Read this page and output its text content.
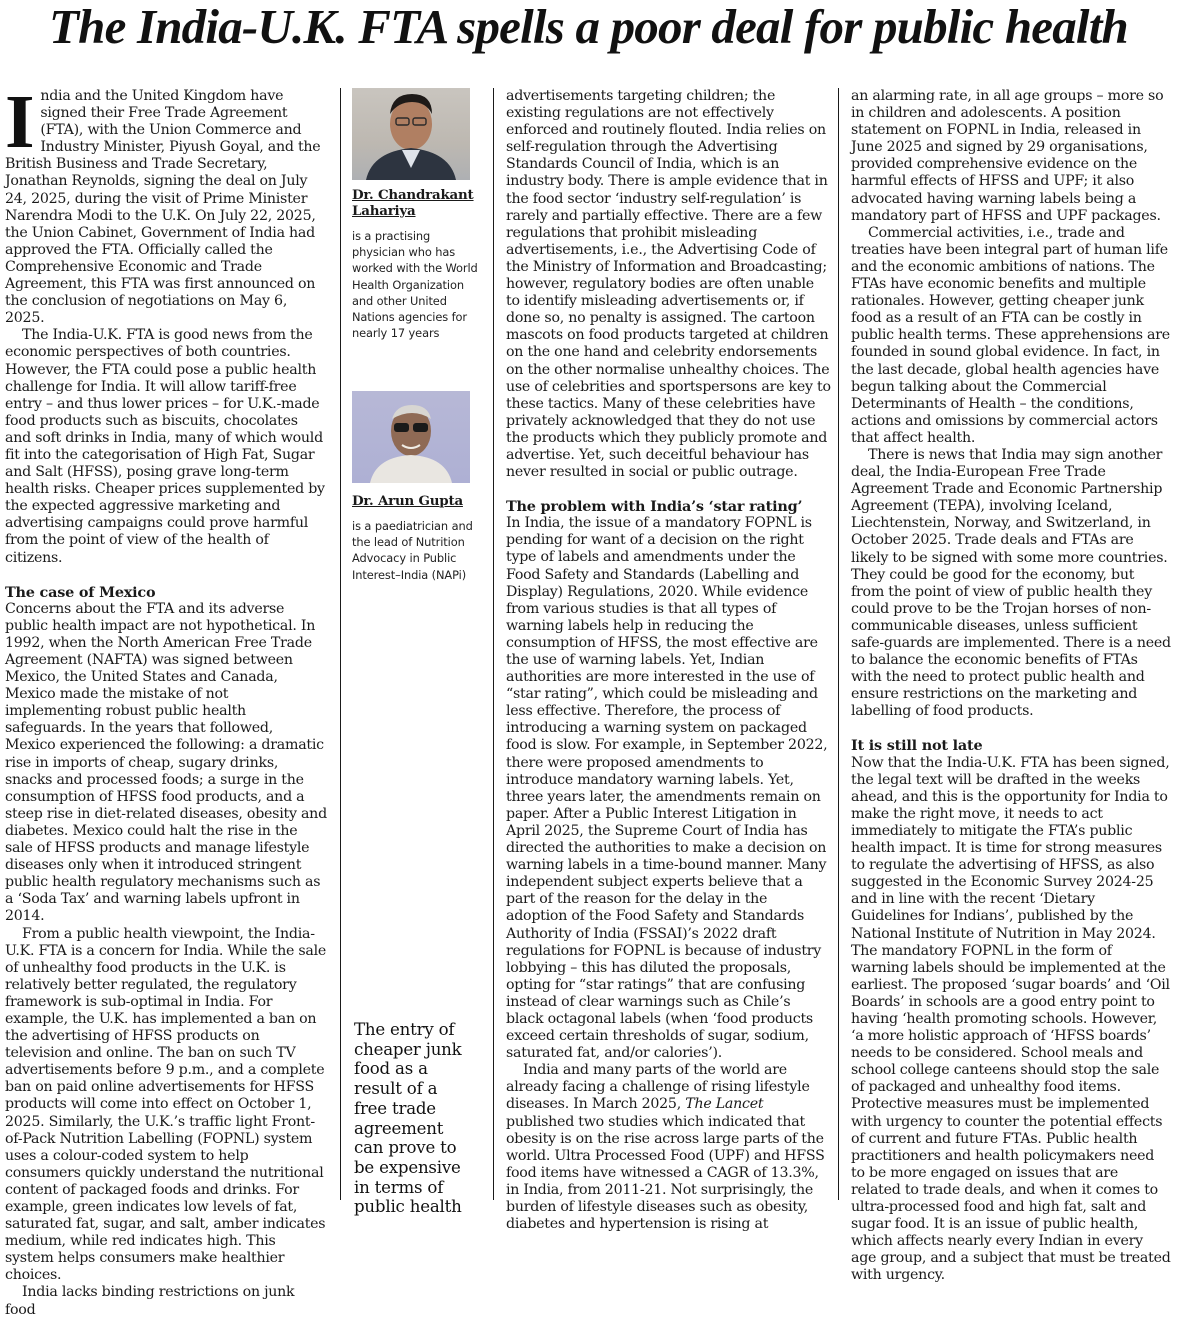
The India-U.K. FTA spells a poor deal for public health

India and the United Kingdom have signed their Free Trade Agreement (FTA), with the Union Commerce and Industry Minister, Piyush Goyal, and the British Business and Trade Secretary, Jonathan Reynolds, signing the deal on July 24, 2025, during the visit of Prime Minister Narendra Modi to the U.K. On July 22, 2025, the Union Cabinet, Government of India had approved the FTA. Officially called the Comprehensive Economic and Trade Agreement, this FTA was first announced on the conclusion of negotiations on May 6, 2025.

The India-U.K. FTA is good news from the economic perspectives of both countries. However, the FTA could pose a public health challenge for India. It will allow tariff-free entry – and thus lower prices – for U.K.-made food products such as biscuits, chocolates and soft drinks in India, many of which would fit into the categorisation of High Fat, Sugar and Salt (HFSS), posing grave long-term health risks. Cheaper prices supplemented by the expected aggressive marketing and advertising campaigns could prove harmful from the point of view of the health of citizens.

The case of Mexico

Concerns about the FTA and its adverse public health impact are not hypothetical. In 1992, when the North American Free Trade Agreement (NAFTA) was signed between Mexico, the United States and Canada, Mexico made the mistake of not implementing robust public health safeguards. In the years that followed, Mexico experienced the following: a dramatic rise in imports of cheap, sugary drinks, snacks and processed foods; a surge in the consumption of HFSS food products, and a steep rise in diet-related diseases, obesity and diabetes. Mexico could halt the rise in the sale of HFSS products and manage lifestyle diseases only when it introduced stringent public health regulatory mechanisms such as a ‘Soda Tax’ and warning labels upfront in 2014.

From a public health viewpoint, the India-U.K. FTA is a concern for India. While the sale of unhealthy food products in the U.K. is relatively better regulated, the regulatory framework is sub-optimal in India. For example, the U.K. has implemented a ban on the advertising of HFSS products on television and online. The ban on such TV advertisements before 9 p.m., and a complete ban on paid online advertisements for HFSS products will come into effect on October 1, 2025. Similarly, the U.K.’s traffic light Front-of-Pack Nutrition Labelling (FOPNL) system uses a colour-coded system to help consumers quickly understand the nutritional content of packaged foods and drinks. For example, green indicates low levels of fat, saturated fat, sugar, and salt, amber indicates medium, while red indicates high. This system helps consumers make healthier choices.

India lacks binding restrictions on junk food

Dr. Chandrakant Lahariya
is a practising physician who has worked with the World Health Organization and other United Nations agencies for nearly 17 years
Dr. Arun Gupta
is a paediatrician and the lead of Nutrition Advocacy in Public Interest–India (NAPi)
The entry of cheaper junk food as a result of a free trade agreement can prove to be expensive in terms of public health

advertisements targeting children; the existing regulations are not effectively enforced and routinely flouted. India relies on self-regulation through the Advertising Standards Council of India, which is an industry body. There is ample evidence that in the food sector ‘industry self-regulation’ is rarely and partially effective. There are a few regulations that prohibit misleading advertisements, i.e., the Advertising Code of the Ministry of Information and Broadcasting; however, regulatory bodies are often unable to identify misleading advertisements or, if done so, no penalty is assigned. The cartoon mascots on food products targeted at children on the one hand and celebrity endorsements on the other normalise unhealthy choices. The use of celebrities and sportspersons are key to these tactics. Many of these celebrities have privately acknowledged that they do not use the products which they publicly promote and advertise. Yet, such deceitful behaviour has never resulted in social or public outrage.

The problem with India’s ‘star rating’

In India, the issue of a mandatory FOPNL is pending for want of a decision on the right type of labels and amendments under the Food Safety and Standards (Labelling and Display) Regulations, 2020. While evidence from various studies is that all types of warning labels help in reducing the consumption of HFSS, the most effective are the use of warning labels. Yet, Indian authorities are more interested in the use of “star rating”, which could be misleading and less effective. Therefore, the process of introducing a warning system on packaged food is slow. For example, in September 2022, there were proposed amendments to introduce mandatory warning labels. Yet, three years later, the amendments remain on paper. After a Public Interest Litigation in April 2025, the Supreme Court of India has directed the authorities to make a decision on warning labels in a time-bound manner. Many independent subject experts believe that a part of the reason for the delay in the adoption of the Food Safety and Standards Authority of India (FSSAI)’s 2022 draft regulations for FOPNL is because of industry lobbying – this has diluted the proposals, opting for “star ratings” that are confusing instead of clear warnings such as Chile’s black octagonal labels (when ‘food products exceed certain thresholds of sugar, sodium, saturated fat, and/or calories’).

India and many parts of the world are already facing a challenge of rising lifestyle diseases. In March 2025, The Lancet published two studies which indicated that obesity is on the rise across large parts of the world. Ultra Processed Food (UPF) and HFSS food items have witnessed a CAGR of 13.3%, in India, from 2011-21. Not surprisingly, the burden of lifestyle diseases such as obesity, diabetes and hypertension is rising at

an alarming rate, in all age groups – more so in children and adolescents. A position statement on FOPNL in India, released in June 2025 and signed by 29 organisations, provided comprehensive evidence on the harmful effects of HFSS and UPF; it also advocated having warning labels being a mandatory part of HFSS and UPF packages.

Commercial activities, i.e., trade and treaties have been integral part of human life and the economic ambitions of nations. The FTAs have economic benefits and multiple rationales. However, getting cheaper junk food as a result of an FTA can be costly in public health terms. These apprehensions are founded in sound global evidence. In fact, in the last decade, global health agencies have begun talking about the Commercial Determinants of Health – the conditions, actions and omissions by commercial actors that affect health.

There is news that India may sign another deal, the India-European Free Trade Agreement Trade and Economic Partnership Agreement (TEPA), involving Iceland, Liechtenstein, Norway, and Switzerland, in October 2025. Trade deals and FTAs are likely to be signed with some more countries. They could be good for the economy, but from the point of view of public health they could prove to be the Trojan horses of non-communicable diseases, unless sufficient safe-guards are implemented. There is a need to balance the economic benefits of FTAs with the need to protect public health and ensure restrictions on the marketing and labelling of food products.

It is still not late

Now that the India-U.K. FTA has been signed, the legal text will be drafted in the weeks ahead, and this is the opportunity for India to make the right move, it needs to act immediately to mitigate the FTA’s public health impact. It is time for strong measures to regulate the advertising of HFSS, as also suggested in the Economic Survey 2024-25 and in line with the recent ‘Dietary Guidelines for Indians’, published by the National Institute of Nutrition in May 2024. The mandatory FOPNL in the form of warning labels should be implemented at the earliest. The proposed ‘sugar boards’ and ‘Oil Boards’ in schools are a good entry point to having ‘health promoting schools. However, ‘a more holistic approach of ‘HFSS boards’ needs to be considered. School meals and school college canteens should stop the sale of packaged and unhealthy food items. Protective measures must be implemented with urgency to counter the potential effects of current and future FTAs. Public health practitioners and health policymakers need to be more engaged on issues that are related to trade deals, and when it comes to ultra-processed food and high fat, salt and sugar food. It is an issue of public health, which affects nearly every Indian in every age group, and a subject that must be treated with urgency.
